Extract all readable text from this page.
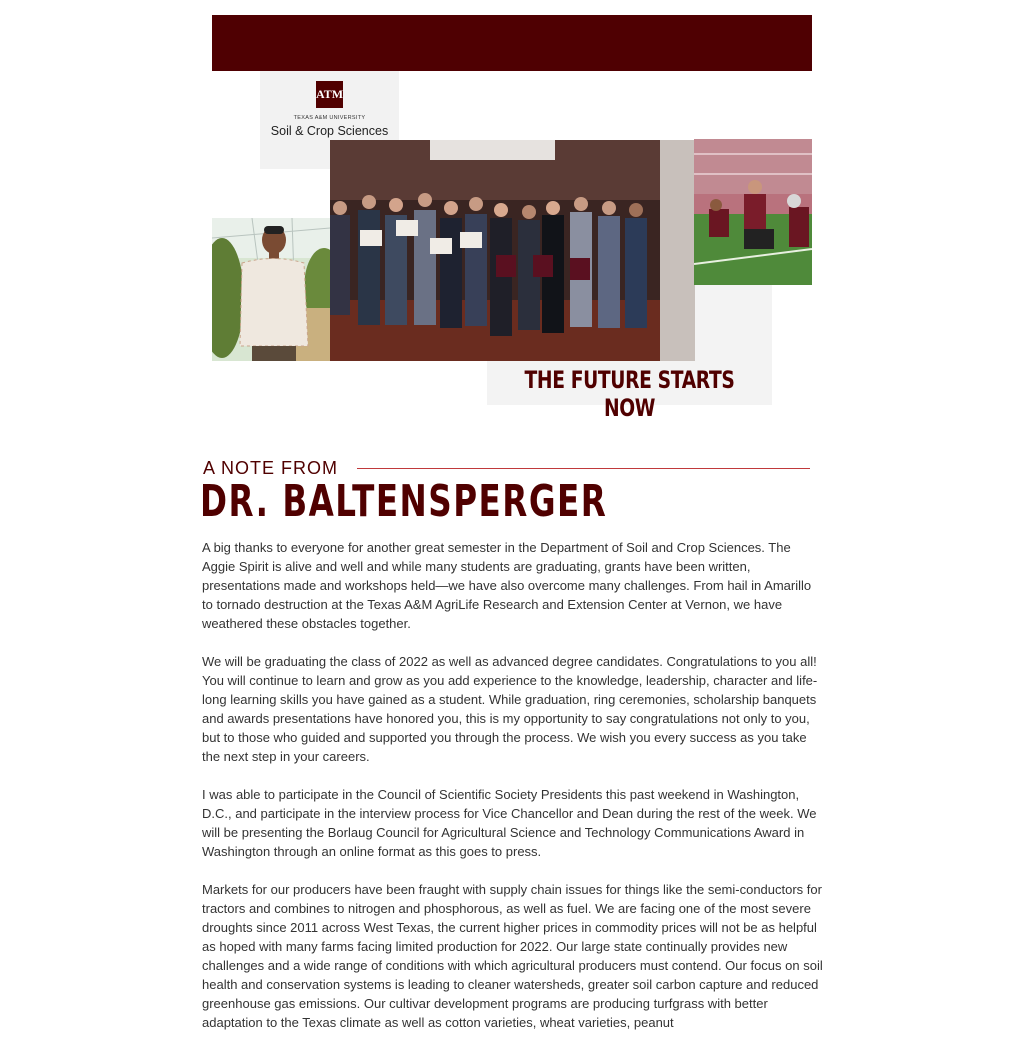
ATM
TEXAS A&M UNIVERSITY
Soil & Crop Sciences
THE FUTURE STARTS NOW
A NOTE FROM
DR. BALTENSPERGER

A big thanks to everyone for another great semester in the Department of Soil and Crop Sciences. The Aggie Spirit is alive and well and while many students are graduating, grants have been written, presentations made and workshops held—we have also overcome many challenges. From hail in Amarillo to tornado destruction at the Texas A&M AgriLife Research and Extension Center at Vernon, we have weathered these obstacles together.

We will be graduating the class of 2022 as well as advanced degree candidates. Congratulations to you all! You will continue to learn and grow as you add experience to the knowledge, leadership, character and life-long learning skills you have gained as a student. While graduation, ring ceremonies, scholarship banquets and awards presentations have honored you, this is my opportunity to say congratulations not only to you, but to those who guided and supported you through the process. We wish you every success as you take the next step in your careers.

I was able to participate in the Council of Scientific Society Presidents this past weekend in Washington, D.C., and participate in the interview process for Vice Chancellor and Dean during the rest of the week. We will be presenting the Borlaug Council for Agricultural Science and Technology Communications Award in Washington through an online format as this goes to press.

Markets for our producers have been fraught with supply chain issues for things like the semi-conductors for tractors and combines to nitrogen and phosphorous, as well as fuel. We are facing one of the most severe droughts since 2011 across West Texas, the current higher prices in commodity prices will not be as helpful as hoped with many farms facing limited production for 2022. Our large state continually provides new challenges and a wide range of conditions with which agricultural producers must contend. Our focus on soil health and conservation systems is leading to cleaner watersheds, greater soil carbon capture and reduced greenhouse gas emissions. Our cultivar development programs are producing turfgrass with better adaptation to the Texas climate as well as cotton varieties, wheat varieties, peanut
